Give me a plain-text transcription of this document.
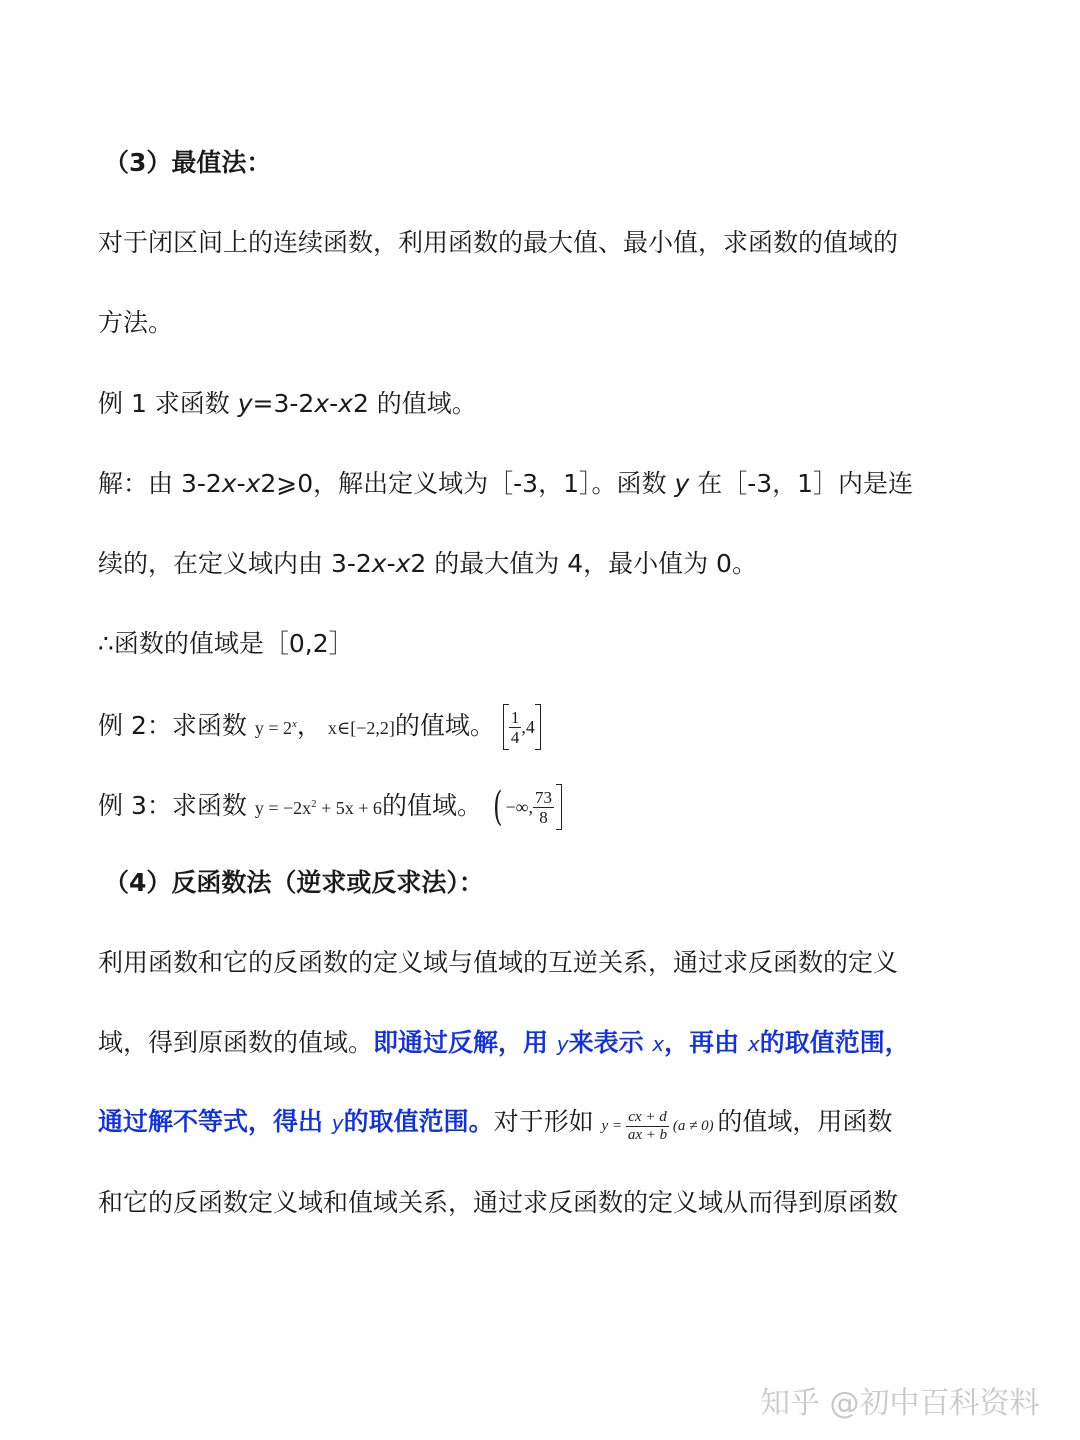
（3）最值法：
对于闭区间上的连续函数，利用函数的最大值、最小值，求函数的值域的
方法。
例 1 求函数 y=3-2x-x2 的值域。
解：由 3-2x-x2⩾0，解出定义域为［-3，1］。函数 y 在［-3，1］内是连
续的，在定义域内由 3-2x-x2 的最大值为 4，最小值为 0。
∴函数的值域是［0,2］
例 2：求函数 $y = 2^x$， x∈[−2,2]的值域。 $\frac{1}{4} ,4$
例 3：求函数 $y = -2x^2 + 5x + 6$的值域。 ( −∞, $\frac{73}{8}$
（4）反函数法（逆求或反求法）：
利用函数和它的反函数的定义域与值域的互逆关系，通过求反函数的定义
域，得到原函数的值域。即通过反解，用 y来表示 x，再由 x的取值范围，
通过解不等式，得出 y的取值范围。对于形如 $y = \frac{cx + d}{ax + b} (a \ne 0)$ 的值域，用函数
和它的反函数定义域和值域关系，通过求反函数的定义域从而得到原函数
知乎 @初中百科资料
